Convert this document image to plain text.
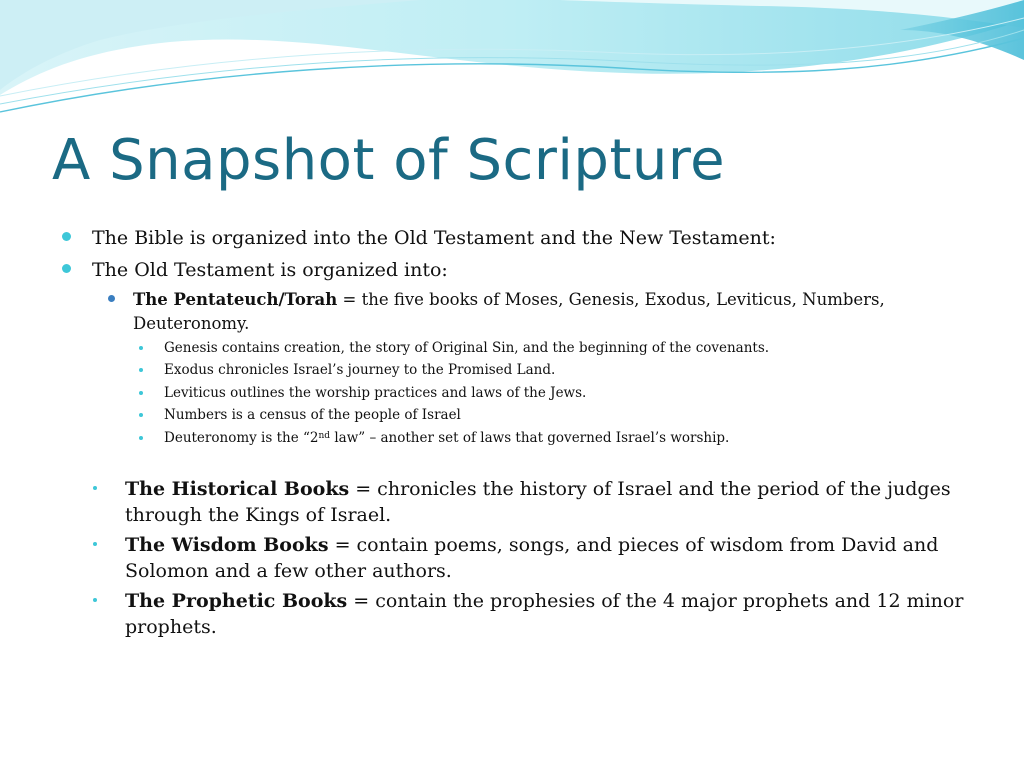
A Snapshot of Scripture
The Bible is organized into the Old Testament and the New Testament:
The Old Testament is organized into:
The Pentateuch/Torah = the five books of Moses, Genesis, Exodus, Leviticus, Numbers,
Deuteronomy.
Genesis contains creation, the story of Original Sin, and the beginning of the covenants.
Exodus chronicles Israel’s journey to the Promised Land.
Leviticus outlines the worship practices and laws of the Jews.
Numbers is a census of the people of Israel
Deuteronomy is the “2nd law” – another set of laws that governed Israel’s worship.
The Historical Books = chronicles the history of Israel and the period of the judges
through the Kings of Israel.
The Wisdom Books = contain poems, songs, and pieces of wisdom from David and
Solomon and a few other authors.
The Prophetic Books = contain the prophesies of the 4 major prophets and 12 minor
prophets.
